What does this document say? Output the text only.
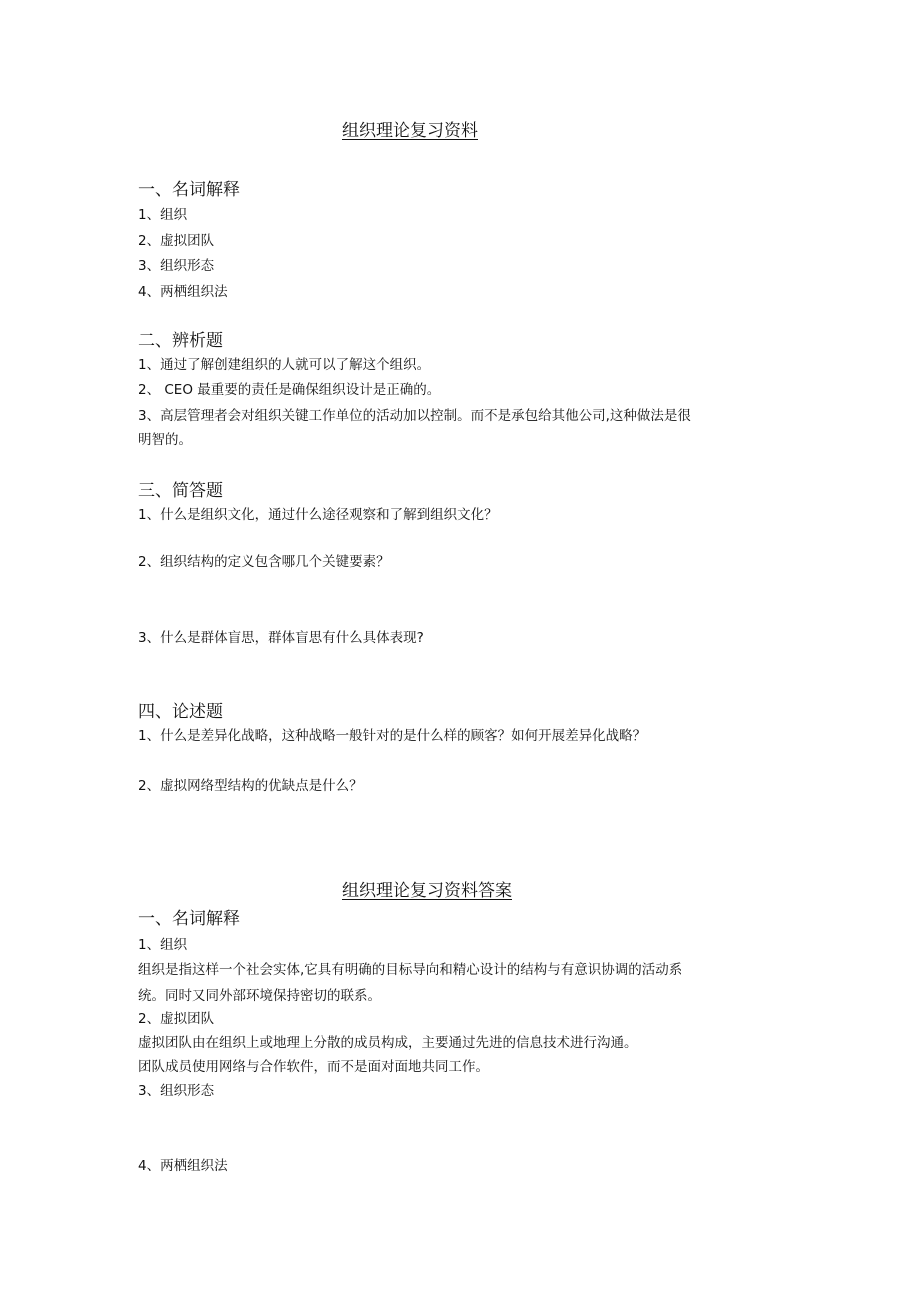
组织理论复习资料
一、名词解释
1、组织
2、虚拟团队
3、组织形态
4、两栖组织法
二、辨析题
1、通过了解创建组织的人就可以了解这个组织。
2、 CEO 最重要的责任是确保组织设计是正确的。
3、高层管理者会对组织关键工作单位的活动加以控制。而不是承包给其他公司,这种做法是很
明智的。
三、简答题
1、什么是组织文化，通过什么途径观察和了解到组织文化？
2、组织结构的定义包含哪几个关键要素？
3、什么是群体盲思，群体盲思有什么具体表现?
四、论述题
1、什么是差异化战略，这种战略一般针对的是什么样的顾客？如何开展差异化战略？
2、虚拟网络型结构的优缺点是什么？
组织理论复习资料答案
一、名词解释
1、组织
组织是指这样一个社会实体,它具有明确的目标导向和精心设计的结构与有意识协调的活动系
统。同时又同外部环境保持密切的联系。
2、虚拟团队
虚拟团队由在组织上或地理上分散的成员构成，主要通过先进的信息技术进行沟通。
团队成员使用网络与合作软件，而不是面对面地共同工作。
3、组织形态
4、两栖组织法
